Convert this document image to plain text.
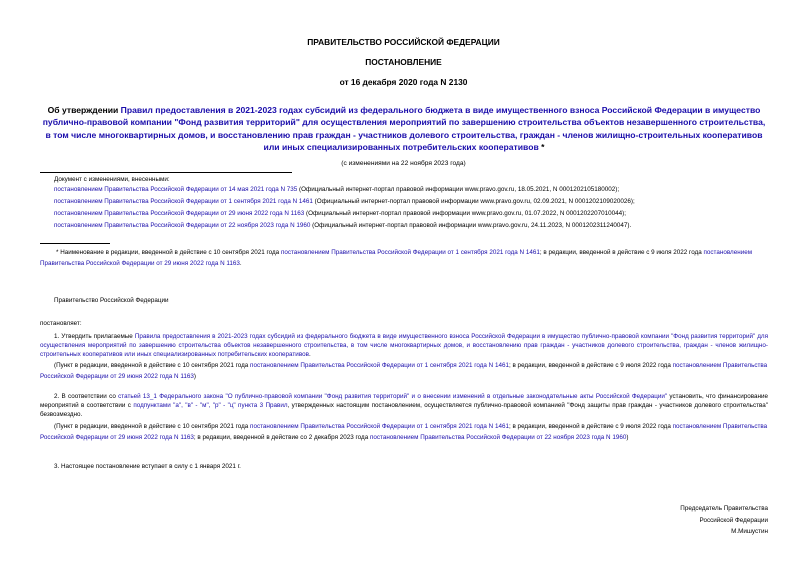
ПРАВИТЕЛЬСТВО РОССИЙСКОЙ ФЕДЕРАЦИИ
ПОСТАНОВЛЕНИЕ
от 16 декабря 2020 года N 2130
Об утверждении Правил предоставления в 2021-2023 годах субсидий из федерального бюджета в виде имущественного взноса Российской Федерации в имущество публично-правовой компании "Фонд развития территорий" для осуществления мероприятий по завершению строительства объектов незавершенного строительства, в том числе многоквартирных домов, и восстановлению прав граждан - участников долевого строительства, граждан - членов жилищно-строительных кооперативов или иных специализированных потребительских кооперативов *
(с изменениями на 22 ноября 2023 года)
Документ с изменениями, внесенными:
постановлением Правительства Российской Федерации от 14 мая 2021 года N 735 (Официальный интернет-портал правовой информации www.pravo.gov.ru, 18.05.2021, N 0001202105180002);
постановлением Правительства Российской Федерации от 1 сентября 2021 года N 1461 (Официальный интернет-портал правовой информации www.pravo.gov.ru, 02.09.2021, N 0001202109020026);
постановлением Правительства Российской Федерации от 29 июня 2022 года N 1163 (Официальный интернет-портал правовой информации www.pravo.gov.ru, 01.07.2022, N 0001202207010044);
постановлением Правительства Российской Федерации от 22 ноября 2023 года N 1960 (Официальный интернет-портал правовой информации www.pravo.gov.ru, 24.11.2023, N 0001202311240047).
* Наименование в редакции, введенной в действие с 10 сентября 2021 года постановлением Правительства Российской Федерации от 1 сентября 2021 года N 1461; в редакции, введенной в действие с 9 июля 2022 года постановлением Правительства Российской Федерации от 29 июня 2022 года N 1163.
Правительство Российской Федерации
постановляет:
1. Утвердить прилагаемые Правила предоставления в 2021-2023 годах субсидий из федерального бюджета в виде имущественного взноса Российской Федерации в имущество публично-правовой компании "Фонд развития территорий" для осуществления мероприятий по завершению строительства объектов незавершенного строительства, в том числе многоквартирных домов, и восстановлению прав граждан - участников долевого строительства, граждан - членов жилищно-строительных кооперативов или иных специализированных потребительских кооперативов.
(Пункт в редакции, введенной в действие с 10 сентября 2021 года постановлением Правительства Российской Федерации от 1 сентября 2021 года N 1461; в редакции, введенной в действие с 9 июля 2022 года постановлением Правительства Российской Федерации от 29 июня 2022 года N 1163)
2. В соответствии со статьей 13_1 Федерального закона "О публично-правовой компании "Фонд развития территорий" и о внесении изменений в отдельные законодательные акты Российской Федерации" установить, что финансирование мероприятий в соответствии с подпунктами "а", "в" - "м", "р" - "ц" пункта 3 Правил, утвержденных настоящим постановлением, осуществляется публично-правовой компанией "Фонд защиты прав граждан - участников долевого строительства" безвозмездно.
(Пункт в редакции, введенной в действие с 10 сентября 2021 года постановлением Правительства Российской Федерации от 1 сентября 2021 года N 1461; в редакции, введенной в действие с 9 июля 2022 года постановлением Правительства Российской Федерации от 29 июня 2022 года N 1163; в редакции, введенной в действие со 2 декабря 2023 года постановлением Правительства Российской Федерации от 22 ноября 2023 года N 1960)
3. Настоящее постановление вступает в силу с 1 января 2021 г.
Председатель Правительства
Российской Федерации
М.Мишустин
